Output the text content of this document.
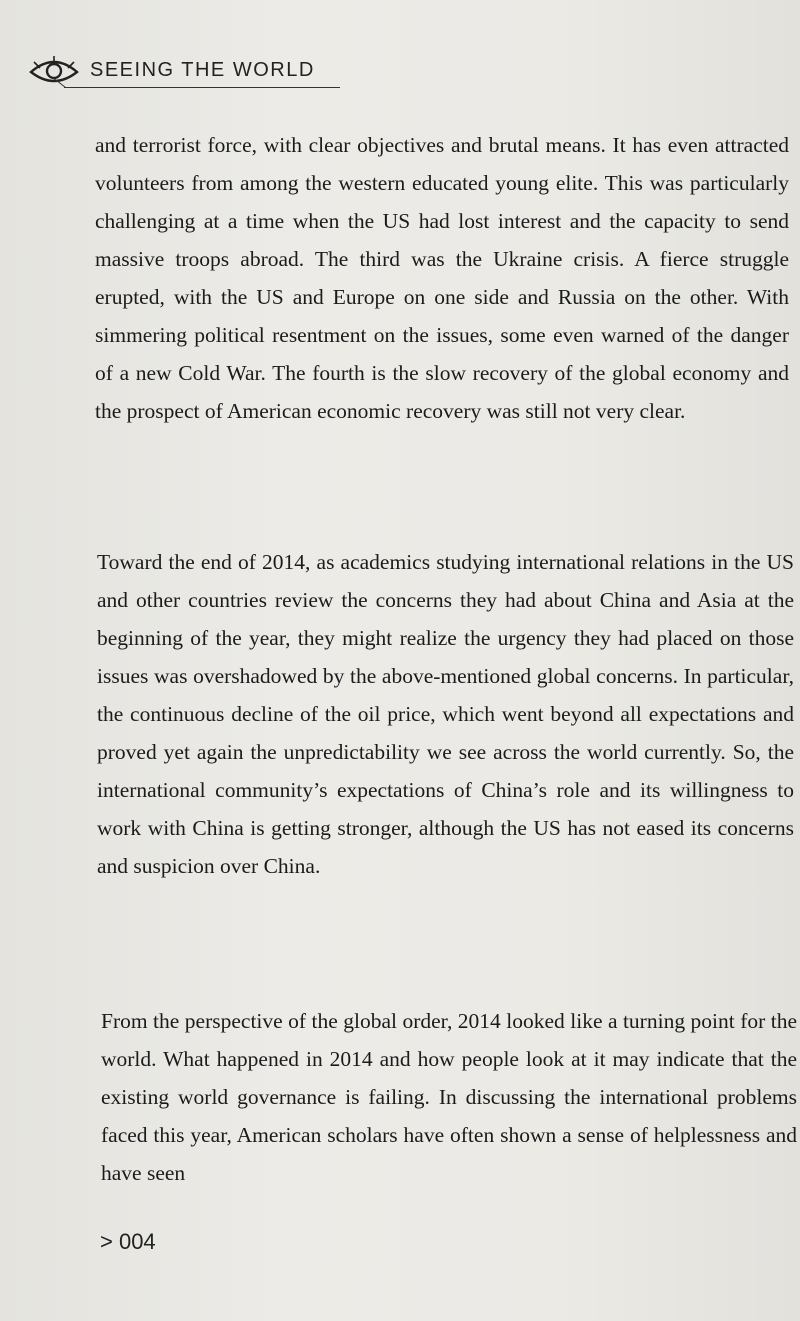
SEEING THE WORLD

and terrorist force, with clear objectives and brutal means. It has even attracted volunteers from among the western educated young elite. This was particularly challenging at a time when the US had lost interest and the capacity to send massive troops abroad. The third was the Ukraine crisis. A fierce struggle erupted, with the US and Europe on one side and Russia on the other. With simmering political resentment on the issues, some even warned of the danger of a new Cold War. The fourth is the slow recovery of the global economy and the prospect of American economic recovery was still not very clear.

Toward the end of 2014, as academics studying international relations in the US and other countries review the concerns they had about China and Asia at the beginning of the year, they might realize the urgency they had placed on those issues was overshadowed by the above-mentioned global concerns. In particular, the continuous decline of the oil price, which went beyond all expectations and proved yet again the unpredictability we see across the world currently. So, the international community’s expectations of China’s role and its willingness to work with China is getting stronger, although the US has not eased its concerns and suspicion over China.

From the perspective of the global order, 2014 looked like a turning point for the world. What happened in 2014 and how people look at it may indicate that the existing world governance is failing. In discussing the international problems faced this year, American scholars have often shown a sense of helplessness and have seen

> 004
